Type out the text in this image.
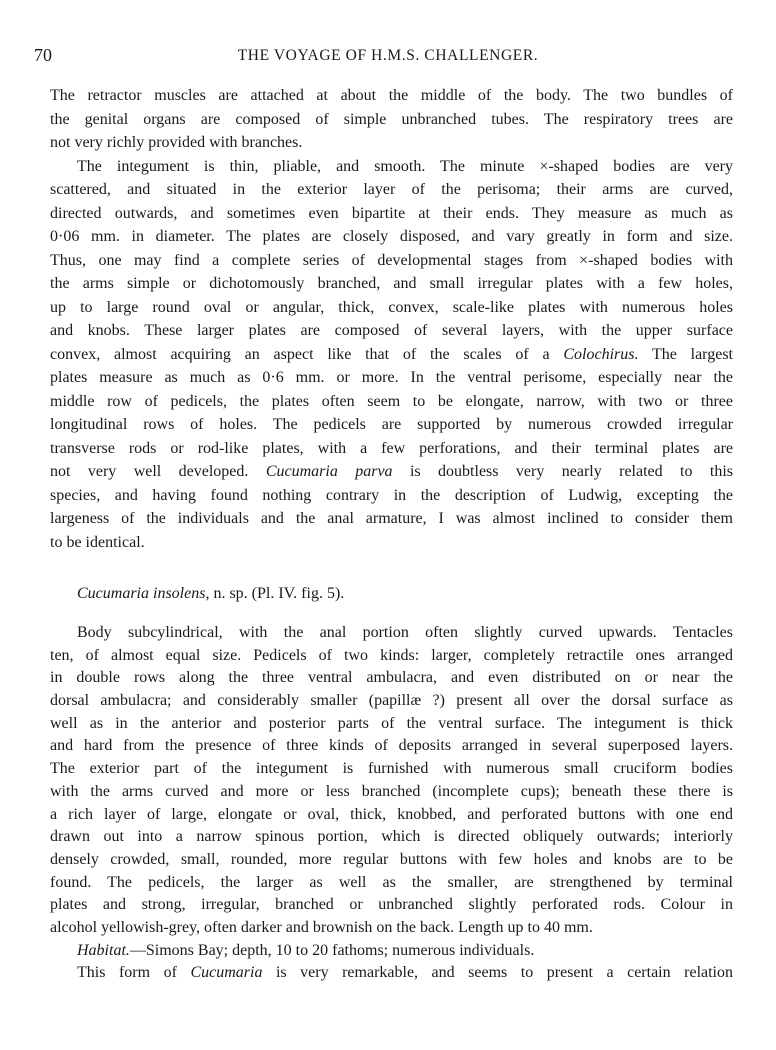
70	THE VOYAGE OF H.M.S. CHALLENGER.
The retractor muscles are attached at about the middle of the body. The two bundles of
the genital organs are composed of simple unbranched tubes. The respiratory trees are
not very richly provided with branches.
The integument is thin, pliable, and smooth. The minute ×-shaped bodies are very
scattered, and situated in the exterior layer of the perisoma; their arms are curved,
directed outwards, and sometimes even bipartite at their ends. They measure as much as
0·06 mm. in diameter. The plates are closely disposed, and vary greatly in form and size.
Thus, one may find a complete series of developmental stages from ×-shaped bodies with
the arms simple or dichotomously branched, and small irregular plates with a few holes,
up to large round oval or angular, thick, convex, scale-like plates with numerous holes
and knobs. These larger plates are composed of several layers, with the upper surface
convex, almost acquiring an aspect like that of the scales of a Colochirus. The largest
plates measure as much as 0·6 mm. or more. In the ventral perisome, especially near the
middle row of pedicels, the plates often seem to be elongate, narrow, with two or three
longitudinal rows of holes. The pedicels are supported by numerous crowded irregular
transverse rods or rod-like plates, with a few perforations, and their terminal plates are
not very well developed. Cucumaria parva is doubtless very nearly related to this
species, and having found nothing contrary in the description of Ludwig, excepting the
largeness of the individuals and the anal armature, I was almost inclined to consider them
to be identical.
Cucumaria insolens, n. sp. (Pl. IV. fig. 5).
Body subcylindrical, with the anal portion often slightly curved upwards. Tentacles
ten, of almost equal size. Pedicels of two kinds: larger, completely retractile ones arranged
in double rows along the three ventral ambulacra, and even distributed on or near the
dorsal ambulacra; and considerably smaller (papillæ ?) present all over the dorsal surface as
well as in the anterior and posterior parts of the ventral surface. The integument is thick
and hard from the presence of three kinds of deposits arranged in several superposed layers.
The exterior part of the integument is furnished with numerous small cruciform bodies
with the arms curved and more or less branched (incomplete cups); beneath these there is
a rich layer of large, elongate or oval, thick, knobbed, and perforated buttons with one end
drawn out into a narrow spinous portion, which is directed obliquely outwards; interiorly
densely crowded, small, rounded, more regular buttons with few holes and knobs are to be
found. The pedicels, the larger as well as the smaller, are strengthened by terminal
plates and strong, irregular, branched or unbranched slightly perforated rods. Colour in
alcohol yellowish-grey, often darker and brownish on the back. Length up to 40 mm.
Habitat.—Simons Bay; depth, 10 to 20 fathoms; numerous individuals.
This form of Cucumaria is very remarkable, and seems to present a certain relation
